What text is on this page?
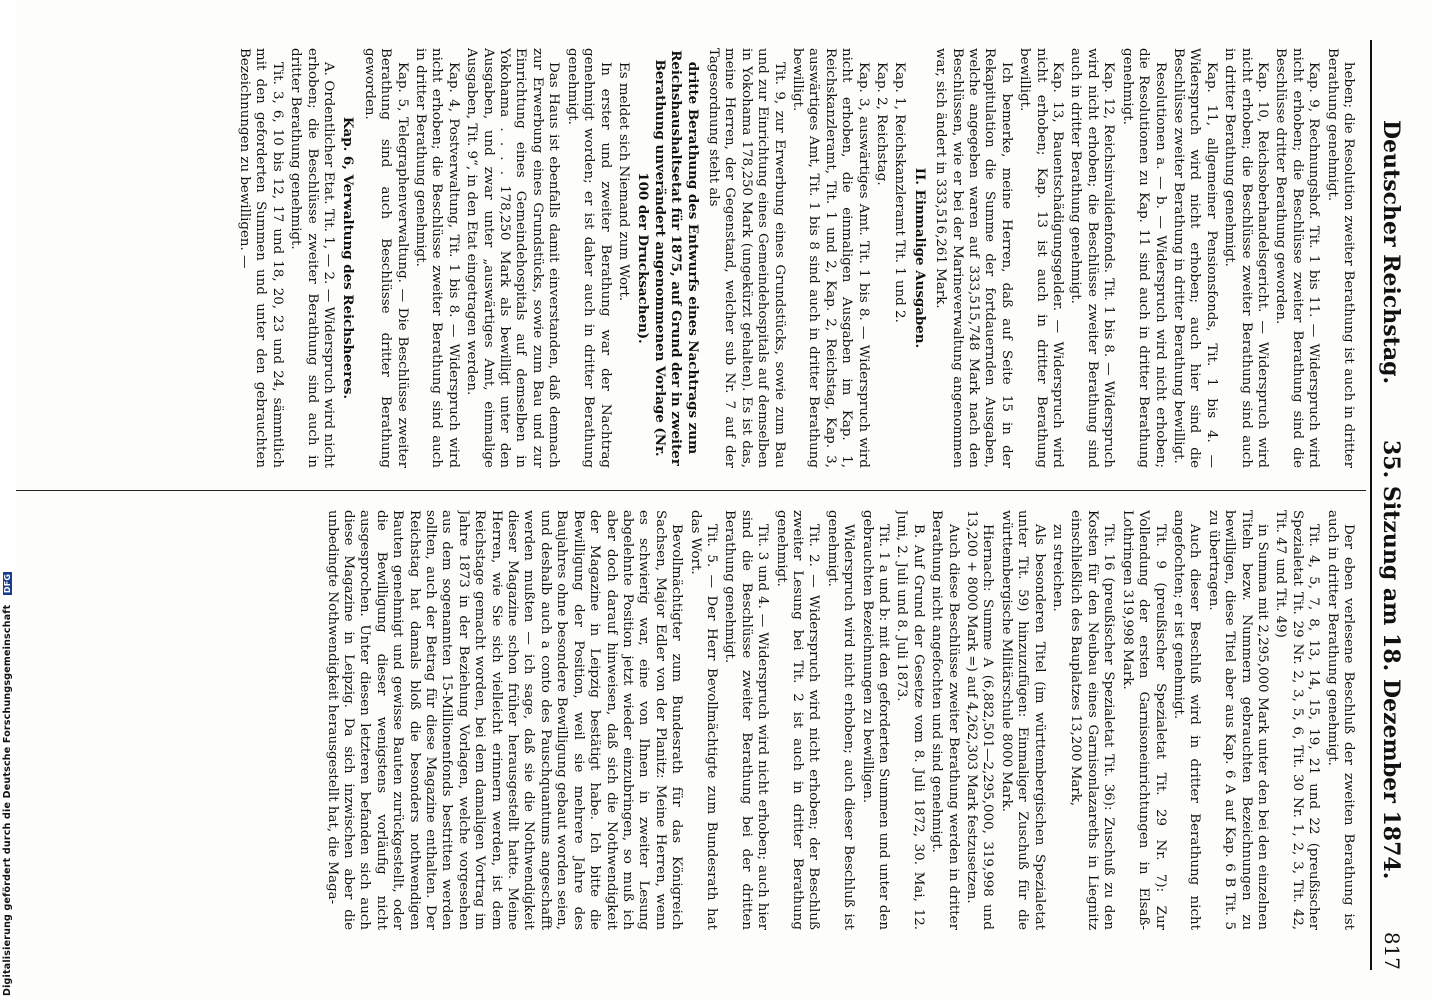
Deutscher Reichstag.
35. Sitzung am 18. Dezember 1874.
817

heben; die Resolution zweiter Berathung ist auch in dritter Berathung genehmigt.

Kap. 9, Rechnungshof. Tit. 1 bis 11. — Widerspruch wird nicht erhoben; die Beschlüsse zweiter Berathung sind die Beschlüsse dritter Berathung geworden.

Kap. 10, Reichsoberhandelsgericht. — Widerspruch wird nicht erhoben; die Beschlüsse zweiter Berathung sind auch in dritter Berathung genehmigt.

Kap. 11, allgemeiner Pensionsfonds, Tit. 1 bis 4. — Widerspruch wird nicht erhoben; auch hier sind die Beschlüsse zweiter Berathung in dritter Berathung bewilligt.

Resolutionen a. — b. — Widerspruch wird nicht erhoben; die Resolutionen zu Kap. 11 sind auch in dritter Berathung genehmigt.

Kap. 12, Reichsinvalidenfonds. Tit. 1 bis 8. — Widerspruch wird nicht erhoben; die Beschlüsse zweiter Berathung sind auch in dritter Berathung genehmigt.

Kap. 13, Bauentschädigungsgelder. — Widerspruch wird nicht erhoben; Kap. 13 ist auch in dritter Berathung bewilligt.

Ich bemerke, meine Herren, daß auf Seite 15 in der Rekapitulation die Summe der fortdauernden Ausgaben, welche angegeben waren auf 333,515,748 Mark nach den Beschlüssen, wie er bei der Marineverwaltung angenommen war, sich ändert in 333,516,261 Mark.

II. Einmalige Ausgaben.

Kap. 1, Reichskanzleramt Tit. 1 und 2.

Kap. 2, Reichstag.

Kap. 3, auswärtiges Amt. Tit. 1 bis 8. — Widerspruch wird nicht erhoben, die einmaligen Ausgaben im Kap. 1, Reichskanzleramt, Tit. 1 und 2, Kap. 2, Reichstag, Kap. 3, auswärtiges Amt, Tit. 1 bis 8 sind auch in dritter Berathung bewilligt.

Tit. 9, zur Erwerbung eines Grundstücks, sowie zum Bau und zur Einrichtung eines Gemeindehospitals auf demselben in Yokohama 178,250 Mark (ungekürzt gehalten). Es ist das, meine Herren, der Gegenstand, welcher sub Nr. 7 auf der Tagesordnung steht als

dritte Berathung des Entwurfs eines Nachtrags zum Reichshaushaltsetat für 1875, auf Grund der in zweiter Berathung unverändert angenommenen Vorlage (Nr. 100 der Drucksachen).

Es meldet sich Niemand zum Wort.

In erster und zweiter Berathung war der Nachtrag genehmigt worden; er ist daher auch in dritter Berathung genehmigt.

Das Haus ist ebenfalls damit einverstanden, daß demnach zur Erwerbung eines Grundstücks, sowie zum Bau und zur Einrichtung eines Gemeindehospitals auf demselben in Yokohama . . . . 178,250 Mark als bewilligt unter den Ausgaben, und zwar unter „auswärtiges Amt, einmalige Ausgaben, Tit. 9“, in den Etat eingetragen werden.

Kap. 4, Postverwaltung, Tit. 1 bis 8. — Widerspruch wird nicht erhoben; die Beschlüsse zweiter Berathung sind auch in dritter Berathung genehmigt.

Kap. 5, Telegraphenverwaltung. — Die Beschlüsse zweiter Berathung sind auch Beschlüsse dritter Berathung geworden.

Kap. 6, Verwaltung des Reichsheeres.

A. Ordentlicher Etat. Tit. 1, — 2. — Widerspruch wird nicht erhoben; die Beschlüsse zweiter Berathung sind auch in dritter Berathung genehmigt.

Tit. 3, 6, 10 bis 12, 17 und 18, 20, 23 und 24, sämmtlich mit den geforderten Summen und unter den gebrauchten Bezeichnungen zu bewilligen. —

Der eben verlesene Beschluß der zweiten Berathung ist auch in dritter Berathung genehmigt.

Tit. 4, 5, 7, 8, 13, 14, 15, 19, 21 und 22 (preußischer Spezialetat Tit. 29 Nr. 2, 3, 5, 6, Tit. 30 Nr. 1, 2, 3, Tit. 42, Tit. 47 und Tit. 49)

in Summa mit 2,295,000 Mark unter den bei den einzelnen Titeln bezw. Nummern gebrauchten Bezeichnungen zu bewilligen, diese Titel aber aus Kap. 6 A auf Kap. 6 B Tit. 5 zu übertragen.

Auch dieser Beschluß wird in dritter Berathung nicht angefochten; er ist genehmigt.

Tit. 9 (preußischer Spezialetat Tit. 29 Nr. 7): Zur Vollendung der ersten Garnisoneinrichtungen in Elsaß-Lothringen 319,998 Mark.

Tit. 16 (preußischer Spezialetat Tit. 36): Zuschuß zu den Kosten für den Neubau eines Garnisonlazareths in Liegnitz einschließlich des Bauplatzes 13,200 Mark,

zu streichen.

Als besonderen Titel (im württembergischen Spezialetat unter Tit. 59) hinzuzufügen: Einmaliger Zuschuß für die württembergische Militärschule 8000 Mark.

Hiernach: Summe A (6,882,501—2,295,000, 319,998 und 13,200 + 8000 Mark =) auf 4,262,303 Mark festzusetzen.

Auch diese Beschlüsse zweiter Berathung werden in dritter Berathung nicht angefochten und sind genehmigt.

B. Auf Grund der Gesetze vom 8. Juli 1872, 30. Mai, 12. Juni, 2. Juli und 8. Juli 1873.

Tit. 1 a und b: mit den geforderten Summen und unter den gebrauchten Bezeichnungen zu bewilligen.

Widerspruch wird nicht erhoben; auch dieser Beschluß ist genehmigt.

Tit. 2. — Widerspruch wird nicht erhoben; der Beschluß zweiter Lesung bei Tit. 2 ist auch in dritter Berathung genehmigt.

Tit. 3 und 4. — Widerspruch wird nicht erhoben; auch hier sind die Beschlüsse zweiter Berathung bei der dritten Berathung genehmigt.

Tit. 5. — Der Herr Bevollmächtigte zum Bundesrath hat das Wort.

Bevollmächtigter zum Bundesrath für das Königreich Sachsen, Major Edler von der Planitz: Meine Herren, wenn es schwierig war, eine von Ihnen in zweiter Lesung abgelehnte Position jetzt wieder einzubringen, so muß ich aber doch darauf hinweisen, daß sich die Nothwendigkeit der Magazine in Leipzig bestätigt habe. Ich bitte die Bewilligung der Position, weil sie mehrere Jahre des Baujahres ohne besondere Bewilligung gebaut worden seien, und deshalb auch a conto des Pauschquantums angeschafft werden mußten — ich sage, daß sie die Nothwendigkeit dieser Magazine schon früher herausgestellt hatte. Meine Herren, wie Sie sich vielleicht erinnern werden, ist dem Reichstage gemacht worden, bei dem damaligen Vortrag im Jahre 1873 in der Beziehung Vorlagen, welche vorgesehen aus dem sogenannten 15-Millionenfonds bestritten werden sollten, auch der Betrag für diese Magazine enthalten. Der Reichstag hat damals bloß die besonders nothwendigen Bauten genehmigt und gewisse Bauten zurückgestellt, oder die Bewilligung dieser wenigstens vorläufig nicht ausgesprochen. Unter diesen letzteren befanden sich auch diese Magazine in Leipzig. Da sich inzwischen aber die unbedingte Nothwendigkeit herausgestellt hat, die Maga-

Digitalisierung gefördert durch die Deutsche Forschungsgemeinschaft DFG
